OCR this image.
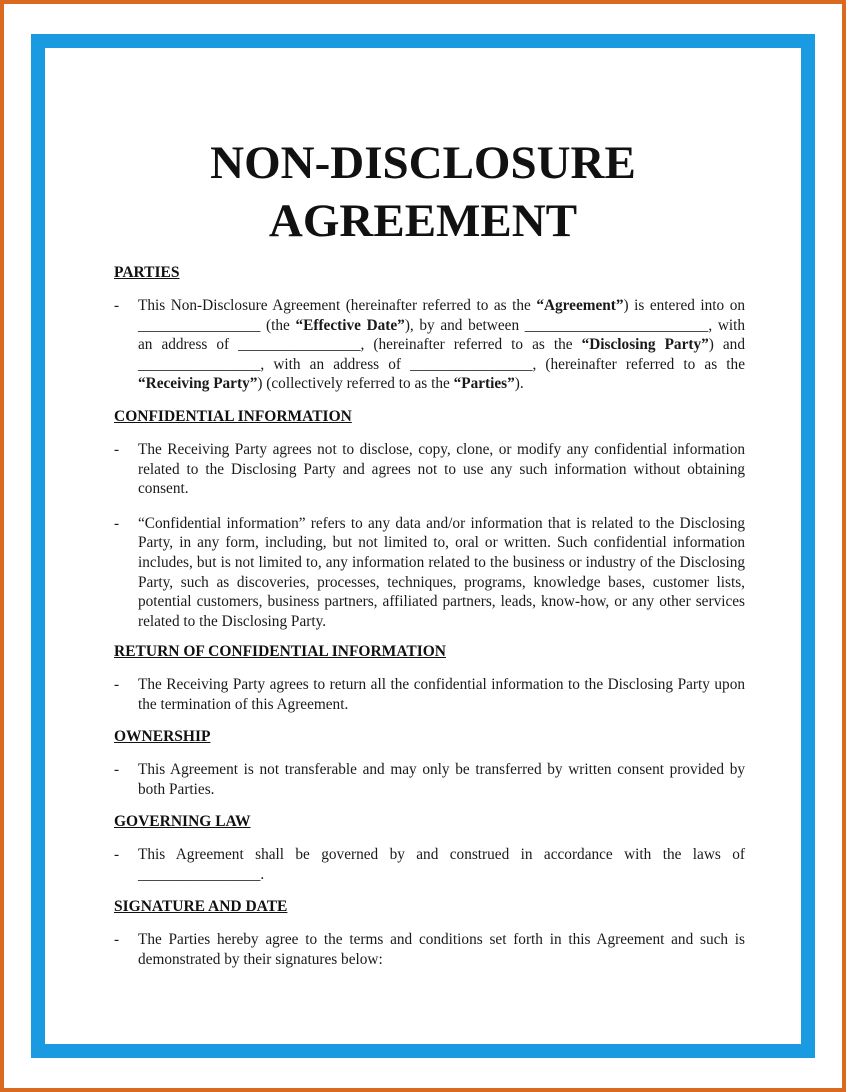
NON-DISCLOSURE
AGREEMENT

PARTIES

- This Non-Disclosure Agreement (hereinafter referred to as the “Agreement”) is entered into on ________________ (the “Effective Date”), by and between ________________________, with an address of ________________, (hereinafter referred to as the “Disclosing Party”) and ________________, with an address of ________________, (hereinafter referred to as the “Receiving Party”) (collectively referred to as the “Parties”).

CONFIDENTIAL INFORMATION

- The Receiving Party agrees not to disclose, copy, clone, or modify any confidential information related to the Disclosing Party and agrees not to use any such information without obtaining consent.

- “Confidential information” refers to any data and/or information that is related to the Disclosing Party, in any form, including, but not limited to, oral or written. Such confidential information includes, but is not limited to, any information related to the business or industry of the Disclosing Party, such as discoveries, processes, techniques, programs, knowledge bases, customer lists, potential customers, business partners, affiliated partners, leads, know-how, or any other services related to the Disclosing Party.

RETURN OF CONFIDENTIAL INFORMATION

- The Receiving Party agrees to return all the confidential information to the Disclosing Party upon the termination of this Agreement.

OWNERSHIP

- This Agreement is not transferable and may only be transferred by written consent provided by both Parties.

GOVERNING LAW

- This Agreement shall be governed by and construed in accordance with the laws of ________________.

SIGNATURE AND DATE

- The Parties hereby agree to the terms and conditions set forth in this Agreement and such is demonstrated by their signatures below:
